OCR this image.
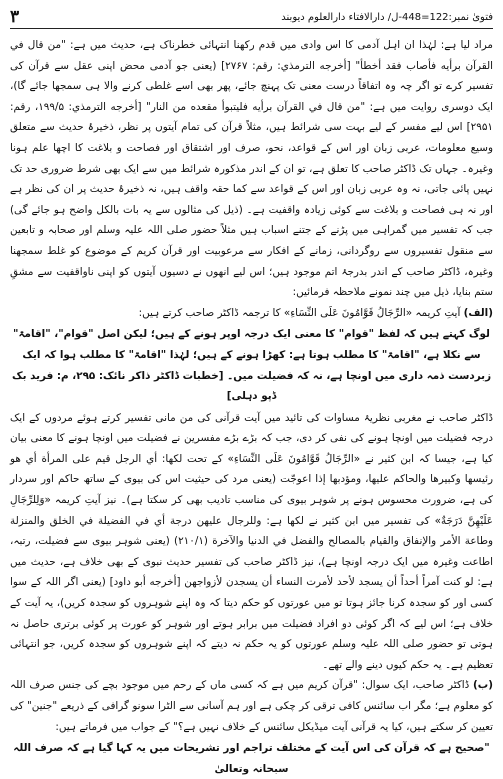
۳	فتویٰ نمبر:122=448-ل/ دارالافتاء دارالعلوم دیوبند

مراد لیا ہے: لہٰذا ان اہل آدمی کا اس وادی میں قدم رکھنا انتہائی خطرناک ہے، حدیث میں ہے: "من قال في القرآن برأيه فأصاب فقد أخطأ" [أخرجه الترمذي: رقم: ۲۷۶۷] (یعنی جو آدمی محض اپنی عقل سے قرآن کی تفسیر کرے تو اگر چہ وہ اتفاقاً درست معنی تک پہنچ جائے، پھر بھی اسے غلطی کرنے والا ہی سمجھا جائے گا)، ایک دوسری روایت میں ہے: "من قال في القرآن برأيه فليتبوأ مقعده من النار" [أخرجه الترمذي: ۱۹۹/۵، رقم: ۲۹۵۱] اس لیے مفسر کے لیے بہت سی شرائط ہیں، مثلاً قرآن کی تمام آیتوں پر نظر، ذخیرۂ حدیث سے متعلق وسیع معلومات، عربی زبان اور اس کے قواعد، نحو، صرف اور اشتقاق اور فصاحت و بلاغت کا اچھا علم ہونا وغیرہ۔ جہاں تک ڈاکٹر صاحب کا تعلق ہے، تو ان کے اندر مذکورہ شرائط میں سے ایک بھی شرط ضروری حد تک نہیں پائی جاتی، نہ وہ عربی زبان اور اس کے قواعد سے کما حقہ واقف ہیں، نہ ذخیرۂ حدیث پر ان کی نظر ہے اور نہ ہی فصاحت و بلاغت سے کوئی زیادہ واقفیت ہے۔ (ذیل کی مثالوں سے یہ بات بالکل واضح ہو جائے گی) جب کہ تفسیر میں گمراہی میں پڑنے کے جتنے اسباب ہیں مثلاً حضور صلی اللہ علیہ وسلم اور صحابہ و تابعین سے منقول تفسیروں سے روگردانی، زمانے کے افکار سے مرعوبیت اور قرآن کریم کے موضوع کو غلط سمجھنا وغیرہ، ڈاکٹر صاحب کے اندر بدرجۂ اتم موجود ہیں؛ اس لیے انھوں نے دسیوں آیتوں کو اپنی ناواقفیت سے مشقِ ستم بنایا، ذیل میں چند نمونے ملاحظہ فرمائیں:

(الف) آیتِ کریمہ «الرِّجَالُ قَوَّامُونَ عَلَى النِّسَاءِ» کا ترجمہ ڈاکٹر صاحب کرتے ہیں:

لوگ کہتے ہیں کہ لفظ "قوام" کا معنی ایک درجہ اوپر ہونے کے ہیں؛ لیکن اصل "قوام"، "اقامۃ" سے نکلا ہے، "اقامۃ" کا مطلب ہوتا ہے: کھڑا ہونے کے ہیں؛ لہٰذا "اقامۃ" کا مطلب ہوا کہ ایک زبردست ذمہ داری میں اونچا ہے، نہ کہ فضیلت میں۔ [خطبات ڈاکٹر ذاکر نائک: ۲۹۵، م: فرید بک ڈپو دہلی]

ڈاکٹر صاحب نے مغربی نظریۂ مساوات کی تائید میں آیت قرآنی کی من مانی تفسیر کرتے ہوئے مردوں کے ایک درجہ فضیلت میں اونچا ہونے کی نفی کر دی، جب کہ بڑے بڑے مفسرین نے فضیلت میں اونچا ہونے کا معنی بیان کیا ہے، جیسا کہ ابن کثیر نے «الرِّجَالُ قَوَّامُونَ عَلَى النِّسَاءِ» کے تحت لکھا: أي الرجل قيم على المرأة أي هو رئيسها وكبيرها والحاكم عليها، ومؤدبها إذا اعوجّت (یعنی مرد کی حیثیت اس کی بیوی کے ساتھ حاکم اور سردار کی ہے، ضرورت محسوس ہونے پر شوہر بیوی کی مناسب تادیب بھی کر سکتا ہے)۔ نیز آیتِ کریمہ «وَلِلرِّجَالِ عَلَيْهِنَّ دَرَجَةٌ» کی تفسیر میں ابن کثیر نے لکھا ہے: وللرجال عليهن درجة أي في الفضيلة في الخلق والمنزلة وطاعة الأمر والإنفاق والقيام بالمصالح والفضل في الدنيا والآخرة (۲۱۰/۱) (یعنی شوہر بیوی سے فضیلت، رتبہ، اطاعت وغیرہ میں ایک درجہ اونچا ہے)، نیز ڈاکٹر صاحب کی تفسیر حدیث نبوی کے بھی خلاف ہے، حدیث میں ہے: لو كنت آمراً أحداً أن يسجد لأحد لأمرت النساء أن يسجدن لأزواجهن [أخرجه أبو داود] (یعنی اگر اللہ کے سوا کسی اور کو سجدہ کرنا جائز ہوتا تو میں عورتوں کو حکم دیتا کہ وہ اپنے شوہروں کو سجدہ کریں)، یہ آیت کے خلاف ہے؛ اس لیے کہ اگر کوئی دو افراد فضیلت میں برابر ہوتے اور شوہر کو عورت پر کوئی برتری حاصل نہ ہوتی تو حضور صلی اللہ علیہ وسلم عورتوں کو یہ حکم نہ دیتے کہ اپنے شوہروں کو سجدہ کریں، جو انتہائی تعظیم ہے۔ یہ حکم کیوں دینے والے تھے۔

(ب) ڈاکٹر صاحب، ایک سوال: "قرآن کریم میں ہے کہ کسی ماں کے رحم میں موجود بچے کی جنس صرف اللہ کو معلوم ہے؛ مگر اب سائنس کافی ترقی کر چکی ہے اور ہم آسانی سے الٹرا سونو گرافی کے ذریعے "جنین" کی تعیین کر سکتے ہیں، کیا یہ قرآنی آیت میڈیکل سائنس کے خلاف نہیں ہے؟" کے جواب میں فرماتے ہیں:

"صحیح ہے کہ قرآن کی اس آیت کے مختلف تراجم اور تشریحات میں یہ کہا گیا ہے کہ صرف اللہ سبحانہ وتعالیٰ
